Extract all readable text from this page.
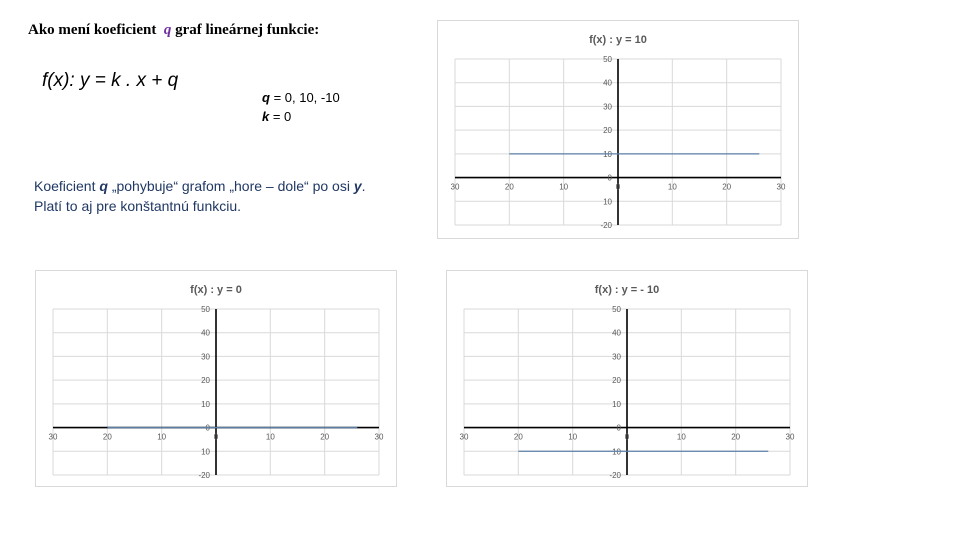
Ako mení koeficient q graf lineárnej funkcie:
f(x): y = k . x + q
q = 0, 10, -10
k = 0
Koeficient q „pohybuje“ grafom „hore – dole“ po osi y. Platí to aj pre konštantnú funkciu.
f(x) : y = 10
30	20	10	0	10	20	30
50
40
30
20
10
0
10
-20
f(x) : y = 0
30	20	10	0	10	20	30
50
40
30
20
10
0
10
-20
f(x) : y = - 10
30	20	10	0	10	20	30
50
40
30
20
10
0
10
-20
